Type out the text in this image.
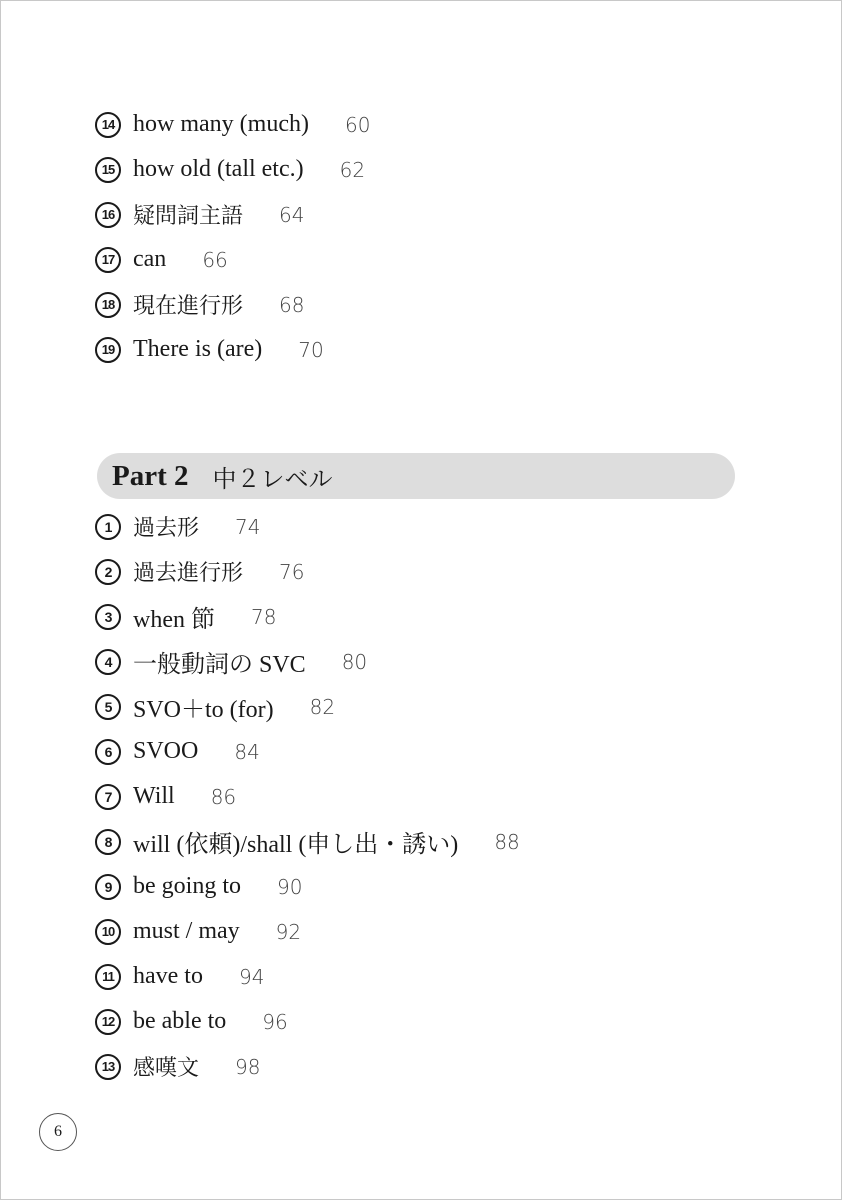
14 how many (much) 60
15 how old (tall etc.) 62
16 疑問詞主語 64
17 can 66
18 現在進行形 68
19 There is (are) 70
Part 2 中２レベル
1 過去形 74
2 過去進行形 76
3 when 節 78
4 一般動詞の SVC 80
5 SVO＋to (for) 82
6 SVOO 84
7 Will 86
8 will (依頼)/shall (申し出・誘い) 88
9 be going to 90
10 must / may 92
11 have to 94
12 be able to 96
13 感嘆文 98
6
